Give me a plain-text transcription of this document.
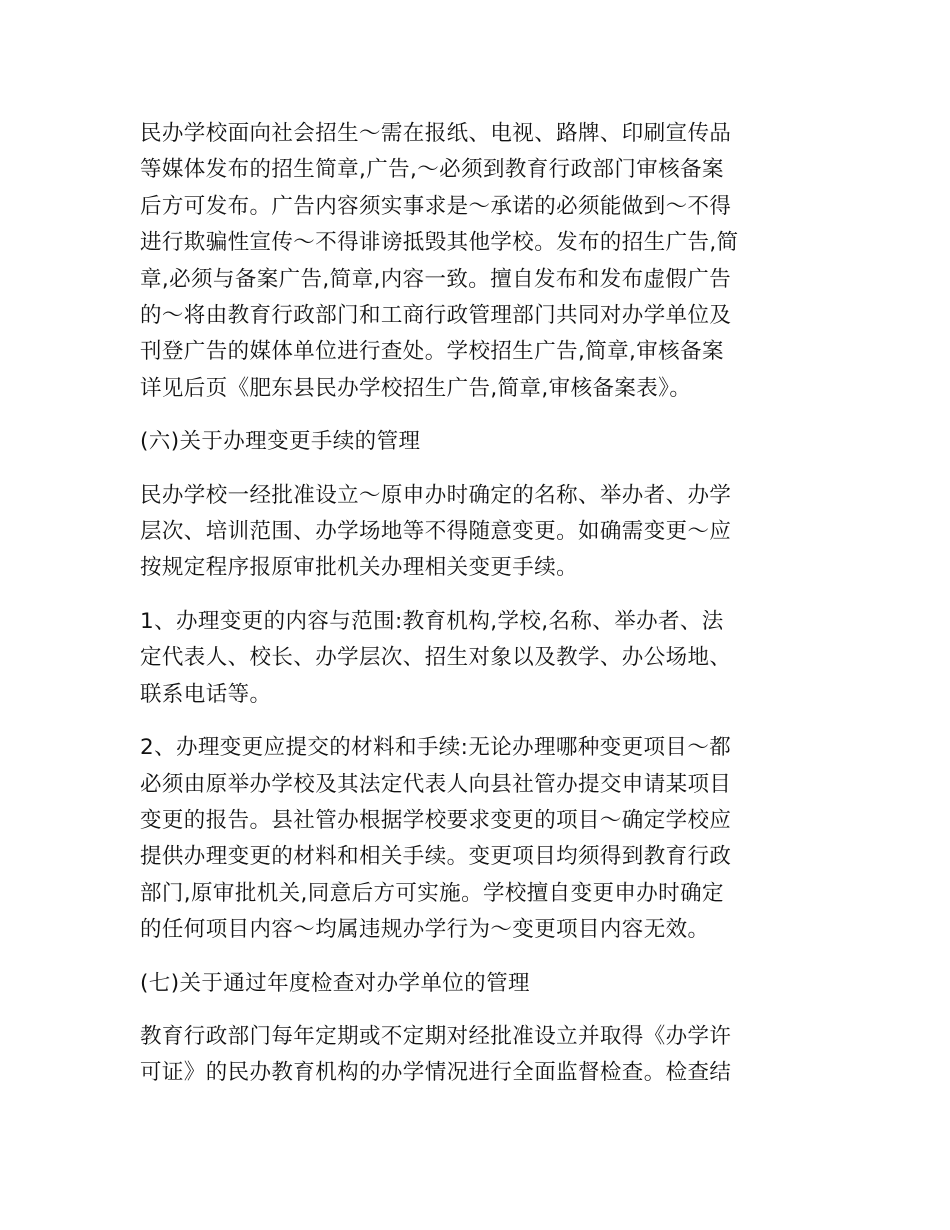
民办学校面向社会招生～需在报纸、电视、路牌、印刷宣传品
等媒体发布的招生简章,广告,～必须到教育行政部门审核备案
后方可发布。广告内容须实事求是～承诺的必须能做到～不得
进行欺骗性宣传～不得诽谤抵毁其他学校。发布的招生广告,简
章,必须与备案广告,简章,内容一致。擅自发布和发布虚假广告
的～将由教育行政部门和工商行政管理部门共同对办学单位及
刊登广告的媒体单位进行查处。学校招生广告,简章,审核备案
详见后页《肥东县民办学校招生广告,简章,审核备案表》。

(六)关于办理变更手续的管理

民办学校一经批准设立～原申办时确定的名称、举办者、办学
层次、培训范围、办学场地等不得随意变更。如确需变更～应
按规定程序报原审批机关办理相关变更手续。

1、办理变更的内容与范围:教育机构,学校,名称、举办者、法
定代表人、校长、办学层次、招生对象以及教学、办公场地、
联系电话等。

2、办理变更应提交的材料和手续:无论办理哪种变更项目～都
必须由原举办学校及其法定代表人向县社管办提交申请某项目
变更的报告。县社管办根据学校要求变更的项目～确定学校应
提供办理变更的材料和相关手续。变更项目均须得到教育行政
部门,原审批机关,同意后方可实施。学校擅自变更申办时确定
的任何项目内容～均属违规办学行为～变更项目内容无效。

(七)关于通过年度检查对办学单位的管理

教育行政部门每年定期或不定期对经批准设立并取得《办学许
可证》的民办教育机构的办学情况进行全面监督检查。检查结
